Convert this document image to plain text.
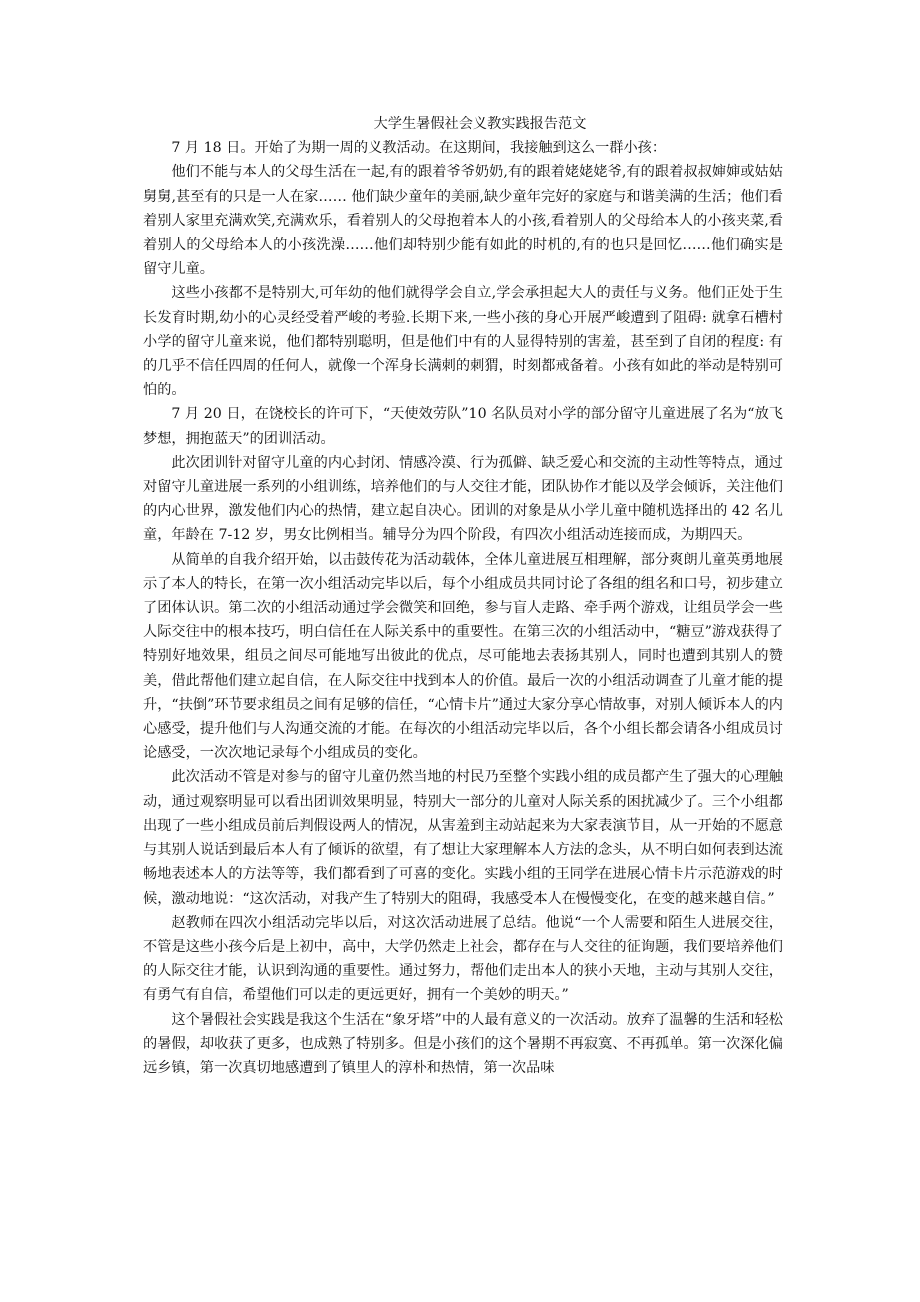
大学生暑假社会义教实践报告范文

7 月 18 日。开始了为期一周的义教活动。在这期间，我接触到这么一群小孩：

他们不能与本人的父母生活在一起,有的跟着爷爷奶奶,有的跟着姥姥姥爷,有的跟着叔叔婶婶或姑姑舅舅,甚至有的只是一人在家…… 他们缺少童年的美丽,缺少童年完好的家庭与和谐美满的生活；他们看着别人家里充满欢笑,充满欢乐，看着别人的父母抱着本人的小孩,看着别人的父母给本人的小孩夹菜,看着别人的父母给本人的小孩洗澡……他们却特别少能有如此的时机的,有的也只是回忆……他们确实是留守儿童。

这些小孩都不是特别大,可年幼的他们就得学会自立,学会承担起大人的责任与义务。他们正处于生长发育时期,幼小的心灵经受着严峻的考验.长期下来,一些小孩的身心开展严峻遭到了阻碍: 就拿石槽村小学的留守儿童来说，他们都特别聪明，但是他们中有的人显得特别的害羞，甚至到了自闭的程度: 有的几乎不信任四周的任何人，就像一个浑身长满刺的刺猬，时刻都戒备着。小孩有如此的举动是特别可怕的。

7 月 20 日，在饶校长的许可下，“天使效劳队”10 名队员对小学的部分留守儿童进展了名为“放飞梦想，拥抱蓝天”的团训活动。

此次团训针对留守儿童的内心封闭、情感冷漠、行为孤僻、缺乏爱心和交流的主动性等特点，通过对留守儿童进展一系列的小组训练，培养他们的与人交往才能，团队协作才能以及学会倾诉，关注他们的内心世界，激发他们内心的热情，建立起自决心。团训的对象是从小学儿童中随机选择出的 42 名儿童，年龄在 7-12 岁，男女比例相当。辅导分为四个阶段，有四次小组活动连接而成，为期四天。

从简单的自我介绍开始，以击鼓传花为活动载体，全体儿童进展互相理解，部分爽朗儿童英勇地展示了本人的特长，在第一次小组活动完毕以后，每个小组成员共同讨论了各组的组名和口号，初步建立了团体认识。第二次的小组活动通过学会微笑和回绝，参与盲人走路、牵手两个游戏，让组员学会一些人际交往中的根本技巧，明白信任在人际关系中的重要性。在第三次的小组活动中，“糖豆”游戏获得了特别好地效果，组员之间尽可能地写出彼此的优点，尽可能地去表扬其别人，同时也遭到其别人的赞美，借此帮他们建立起自信，在人际交往中找到本人的价值。最后一次的小组活动调查了儿童才能的提升，“扶倒”环节要求组员之间有足够的信任，“心情卡片”通过大家分享心情故事，对别人倾诉本人的内心感受，提升他们与人沟通交流的才能。在每次的小组活动完毕以后，各个小组长都会请各小组成员讨论感受，一次次地记录每个小组成员的变化。

此次活动不管是对参与的留守儿童仍然当地的村民乃至整个实践小组的成员都产生了强大的心理触动，通过观察明显可以看出团训效果明显，特别大一部分的儿童对人际关系的困扰减少了。三个小组都出现了一些小组成员前后判假设两人的情况，从害羞到主动站起来为大家表演节目，从一开始的不愿意与其别人说话到最后本人有了倾诉的欲望，有了想让大家理解本人方法的念头，从不明白如何表到达流畅地表述本人的方法等等，我们都看到了可喜的变化。实践小组的王同学在进展心情卡片示范游戏的时候，激动地说：“这次活动，对我产生了特别大的阻碍，我感受本人在慢慢变化，在变的越来越自信。”

赵教师在四次小组活动完毕以后，对这次活动进展了总结。他说“一个人需要和陌生人进展交往，不管是这些小孩今后是上初中，高中，大学仍然走上社会，都存在与人交往的征询题，我们要培养他们的人际交往才能，认识到沟通的重要性。通过努力，帮他们走出本人的狭小天地，主动与其别人交往，有勇气有自信，希望他们可以走的更远更好，拥有一个美妙的明天。”

这个暑假社会实践是我这个生活在“象牙塔”中的人最有意义的一次活动。放弃了温馨的生活和轻松的暑假，却收获了更多，也成熟了特别多。但是小孩们的这个暑期不再寂寞、不再孤单。第一次深化偏远乡镇，第一次真切地感遭到了镇里人的淳朴和热情，第一次品味
